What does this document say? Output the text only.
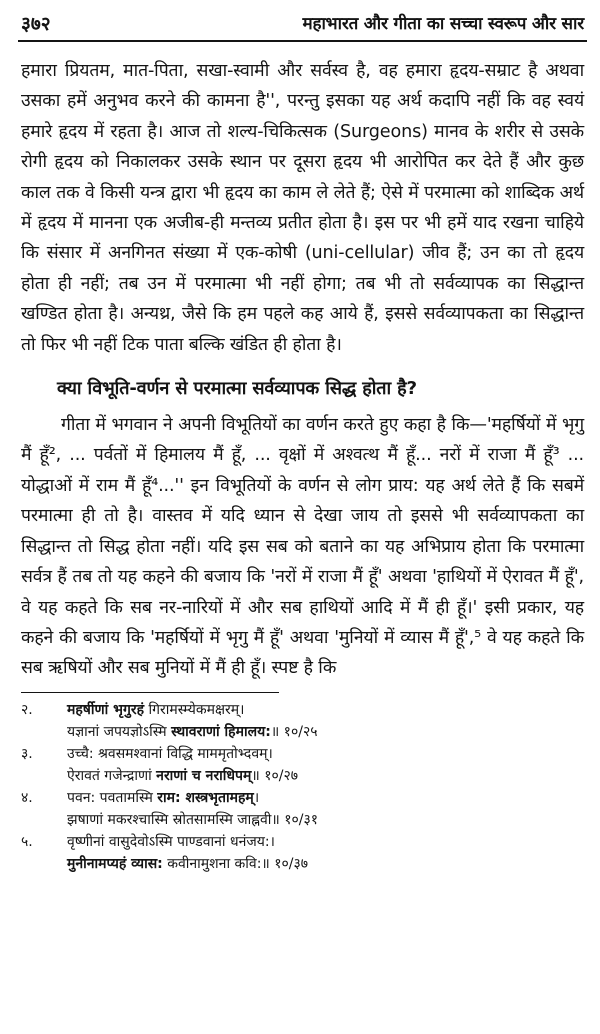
३७२	महाभारत और गीता का सच्चा स्वरूप और सार

हमारा प्रियतम, मात-पिता, सखा-स्वामी और सर्वस्व है, वह हमारा हृदय-सम्राट है अथवा उसका हमें अनुभव करने की कामना है'', परन्तु इसका यह अर्थ कदापि नहीं कि वह स्वयं हमारे हृदय में रहता है। आज तो शल्य-चिकित्सक (Surgeons) मानव के शरीर से उसके रोगी हृदय को निकालकर उसके स्थान पर दूसरा हृदय भी आरोपित कर देते हैं और कुछ काल तक वे किसी यन्त्र द्वारा भी हृदय का काम ले लेते हैं; ऐसे में परमात्मा को शाब्दिक अर्थ में हृदय में मानना एक अजीब-ही मन्तव्य प्रतीत होता है। इस पर भी हमें याद रखना चाहिये कि संसार में अनगिनत संख्या में एक-कोषी (uni-cellular) जीव हैं; उन का तो हृदय होता ही नहीं; तब उन में परमात्मा भी नहीं होगा; तब भी तो सर्वव्यापक का सिद्धान्त खण्डित होता है। अन्यथ्र, जैसे कि हम पहले कह आये हैं, इससे सर्वव्यापकता का सिद्धान्त तो फिर भी नहीं टिक पाता बल्कि खंडित ही होता है।

क्या विभूति-वर्णन से परमात्मा सर्वव्यापक सिद्ध होता है?

गीता में भगवान ने अपनी विभूतियों का वर्णन करते हुए कहा है कि—'महर्षियों में भृगु मैं हूँ², ... पर्वतों में हिमालय मैं हूँ, ... वृक्षों में अश्वत्थ मैं हूँ... नरों में राजा मैं हूँ³ ... योद्धाओं में राम मैं हूँ⁴...'' इन विभूतियों के वर्णन से लोग प्राय: यह अर्थ लेते हैं कि सबमें परमात्मा ही तो है। वास्तव में यदि ध्यान से देखा जाय तो इससे भी सर्वव्यापकता का सिद्धान्त तो सिद्ध होता नहीं। यदि इस सब को बताने का यह अभिप्राय होता कि परमात्मा सर्वत्र हैं तब तो यह कहने की बजाय कि 'नरों में राजा मैं हूँ' अथवा 'हाथियों में ऐरावत मैं हूँ', वे यह कहते कि सब नर-नारियों में और सब हाथियों आदि में मैं ही हूँ।' इसी प्रकार, यह कहने की बजाय कि 'महर्षियों में भृगु मैं हूँ' अथवा 'मुनियों में व्यास मैं हूँ',⁵ वे यह कहते कि सब ऋषियों और सब मुनियों में मैं ही हूँ। स्पष्ट है कि

२.	महर्षीणां भृगुरहं गिरामस्म्येकमक्षरम्।
यज्ञानां जपयज्ञोऽस्मि स्थावराणां हिमालय:॥ १०/२५
३.	उच्चै: श्रवसमश्वानां विद्धि माममृतोभ्दवम्।
ऐरावतं गजेन्द्राणां नराणां च नराधिपम्॥ १०/२७
४.	पवन: पवतामस्मि राम: शस्त्रभृतामहम्।
झषाणां मकरश्चास्मि स्रोतसामस्मि जाह्नवी॥ १०/३१
५.	वृष्णीनां वासुदेवोऽस्मि पाण्डवानां धनंजय:।
मुनीनामप्यहं व्यास: कवीनामुशना कवि:॥ १०/३७
